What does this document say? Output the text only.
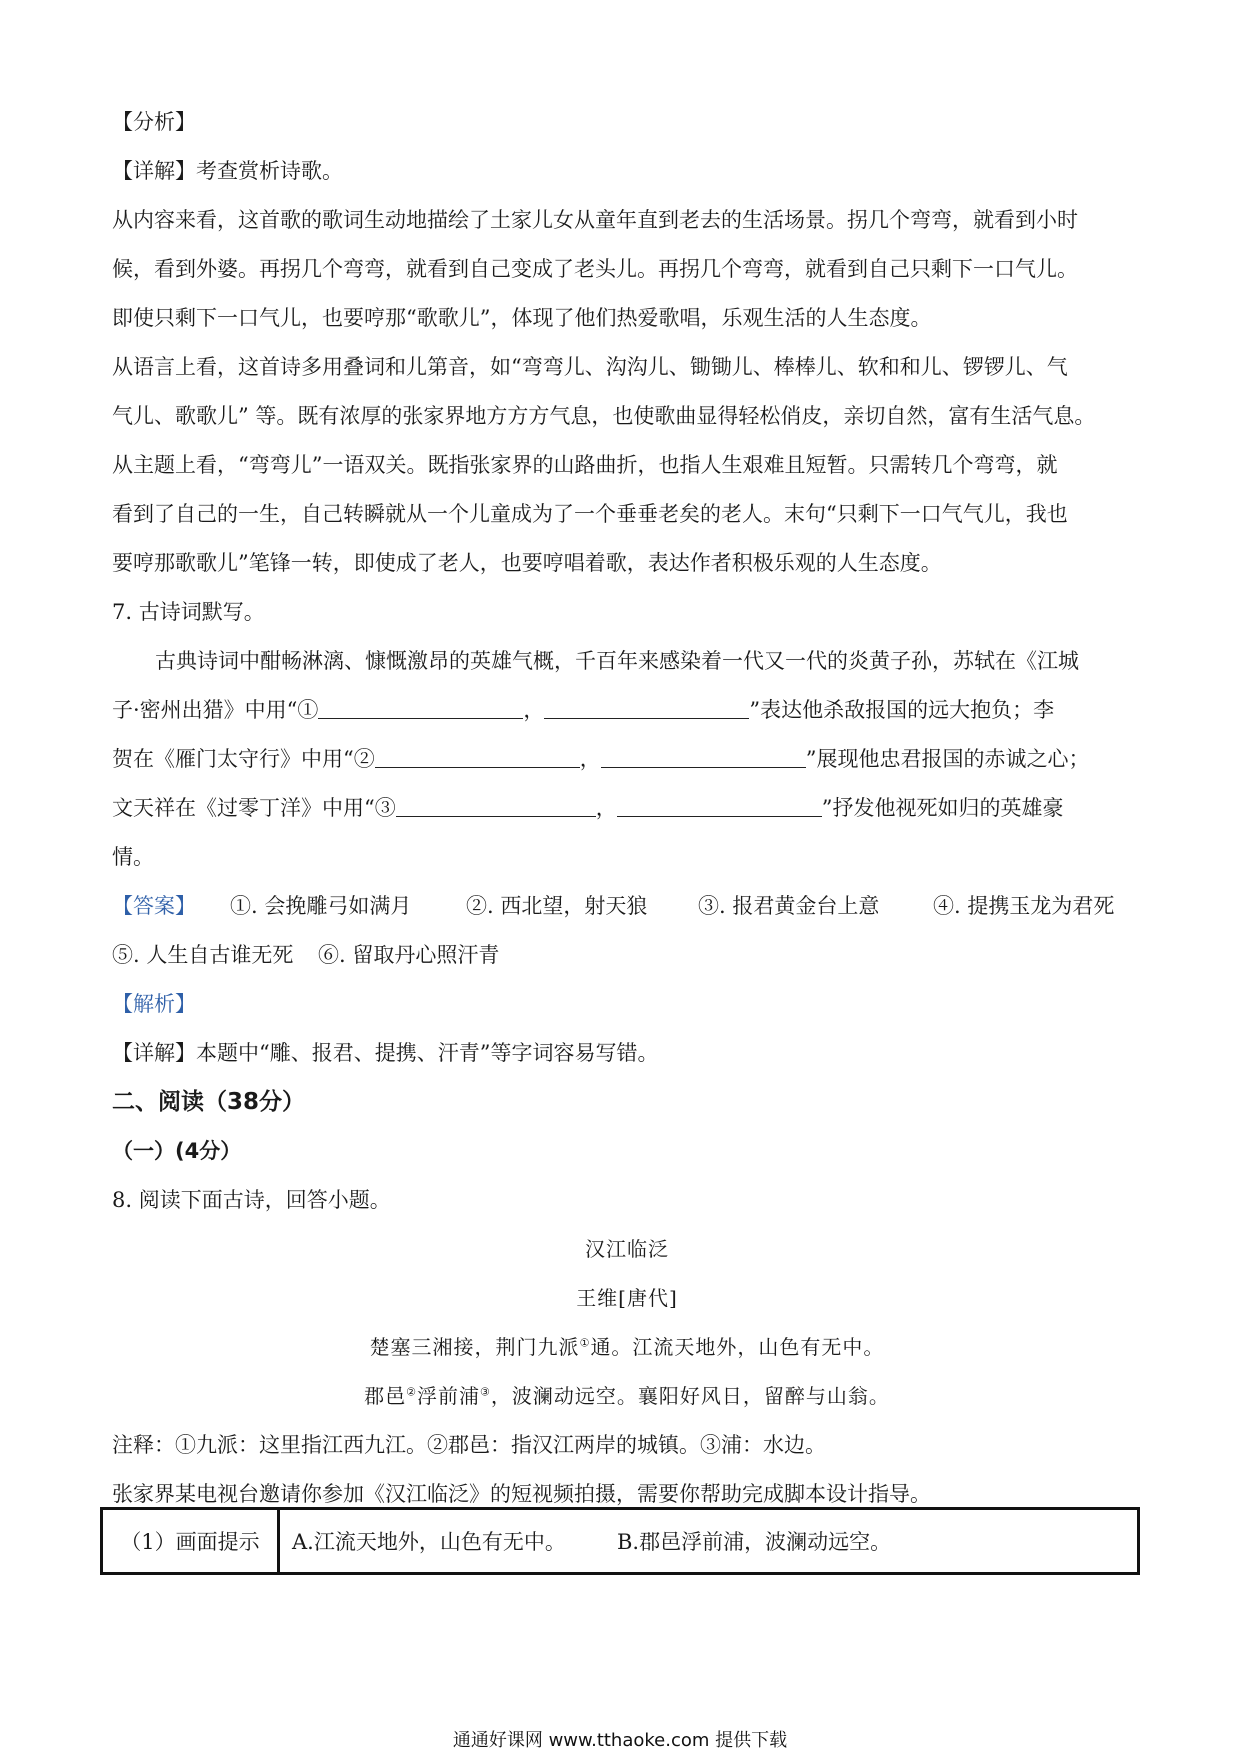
【分析】
【详解】考查赏析诗歌。
从内容来看，这首歌的歌词生动地描绘了土家儿女从童年直到老去的生活场景。拐几个弯弯，就看到小时
候，看到外婆。再拐几个弯弯，就看到自己变成了老头儿。再拐几个弯弯，就看到自己只剩下一口气儿。
即使只剩下一口气儿，也要哼那“歌歌儿”，体现了他们热爱歌唱，乐观生活的人生态度。
从语言上看，这首诗多用叠词和儿第音，如“弯弯儿、沟沟儿、锄锄儿、棒棒儿、软和和儿、锣锣儿、气
气儿、歌歌儿” 等。既有浓厚的张家界地方方方气息，也使歌曲显得轻松俏皮，亲切自然，富有生活气息。
从主题上看，“弯弯儿”一语双关。既指张家界的山路曲折，也指人生艰难且短暂。只需转几个弯弯，就
看到了自己的一生，自己转瞬就从一个儿童成为了一个垂垂老矣的老人。末句“只剩下一口气气儿，我也
要哼那歌歌儿”笔锋一转，即使成了老人，也要哼唱着歌，表达作者积极乐观的人生态度。
7. 古诗词默写。
古典诗词中酣畅淋漓、慷慨激昂的英雄气概，千百年来感染着一代又一代的炎黄子孙，苏轼在《江城
子·密州出猎》中用“①	，	”表达他杀敌报国的远大抱负；李
贺在《雁门太守行》中用“②	，	”展现他忠君报国的赤诚之心；
文天祥在《过零丁洋》中用“③	，	”抒发他视死如归的英雄豪
情。
【答案】 ①. 会挽雕弓如满月	②. 西北望，射天狼 ③. 报君黄金台上意	④. 提携玉龙为君死
⑤. 人生自古谁无死 ⑥. 留取丹心照汗青
【解析】
【详解】本题中“雕、报君、提携、汗青”等字词容易写错。
二、阅读（38分）
（一）(4分）
8. 阅读下面古诗，回答小题。
汉江临泛
王维[唐代]
楚塞三湘接，荆门九派①通。江流天地外，山色有无中。
郡邑②浮前浦③，波澜动远空。襄阳好风日，留醉与山翁。
注释：①九派：这里指江西九江。②郡邑：指汉江两岸的城镇。③浦：水边。
张家界某电视台邀请你参加《汉江临泛》的短视频拍摄，需要你帮助完成脚本设计指导。
（1）画面提示	A.江流天地外，山色有无中。 B.郡邑浮前浦，波澜动远空。
通通好课网 www.tthaoke.com 提供下载
